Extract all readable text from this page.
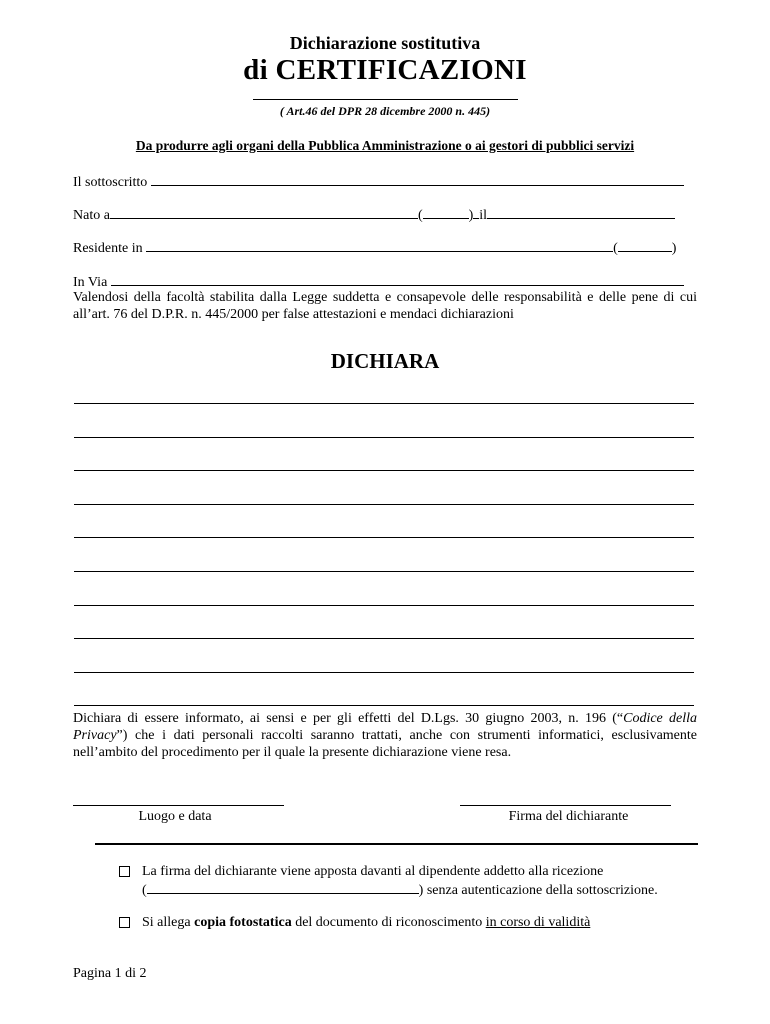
Dichiarazione sostitutiva
di CERTIFICAZIONI
( Art.46 del DPR 28 dicembre 2000 n. 445)
Da produrre agli organi della Pubblica Amministrazione o ai gestori di pubblici servizi
Il sottoscritto
Nato a	(	) il
Residente in	(	)
In Via
Valendosi della facoltà stabilita dalla Legge suddetta e consapevole delle responsabilità e delle pene di cui all’art. 76 del D.P.R. n. 445/2000 per false attestazioni e mendaci dichiarazioni
DICHIARA
Dichiara di essere informato, ai sensi e per gli effetti del D.Lgs. 30 giugno 2003, n. 196 (“Codice della Privacy”) che i dati personali raccolti saranno trattati, anche con strumenti informatici, esclusivamente nell’ambito del procedimento per il quale la presente dichiarazione viene resa.
Luogo e data	Firma del dichiarante
La firma del dichiarante viene apposta davanti al dipendente addetto alla ricezione
(	) senza autenticazione della sottoscrizione.
Si allega copia fotostatica del documento di riconoscimento in corso di validità
Pagina 1 di 2
